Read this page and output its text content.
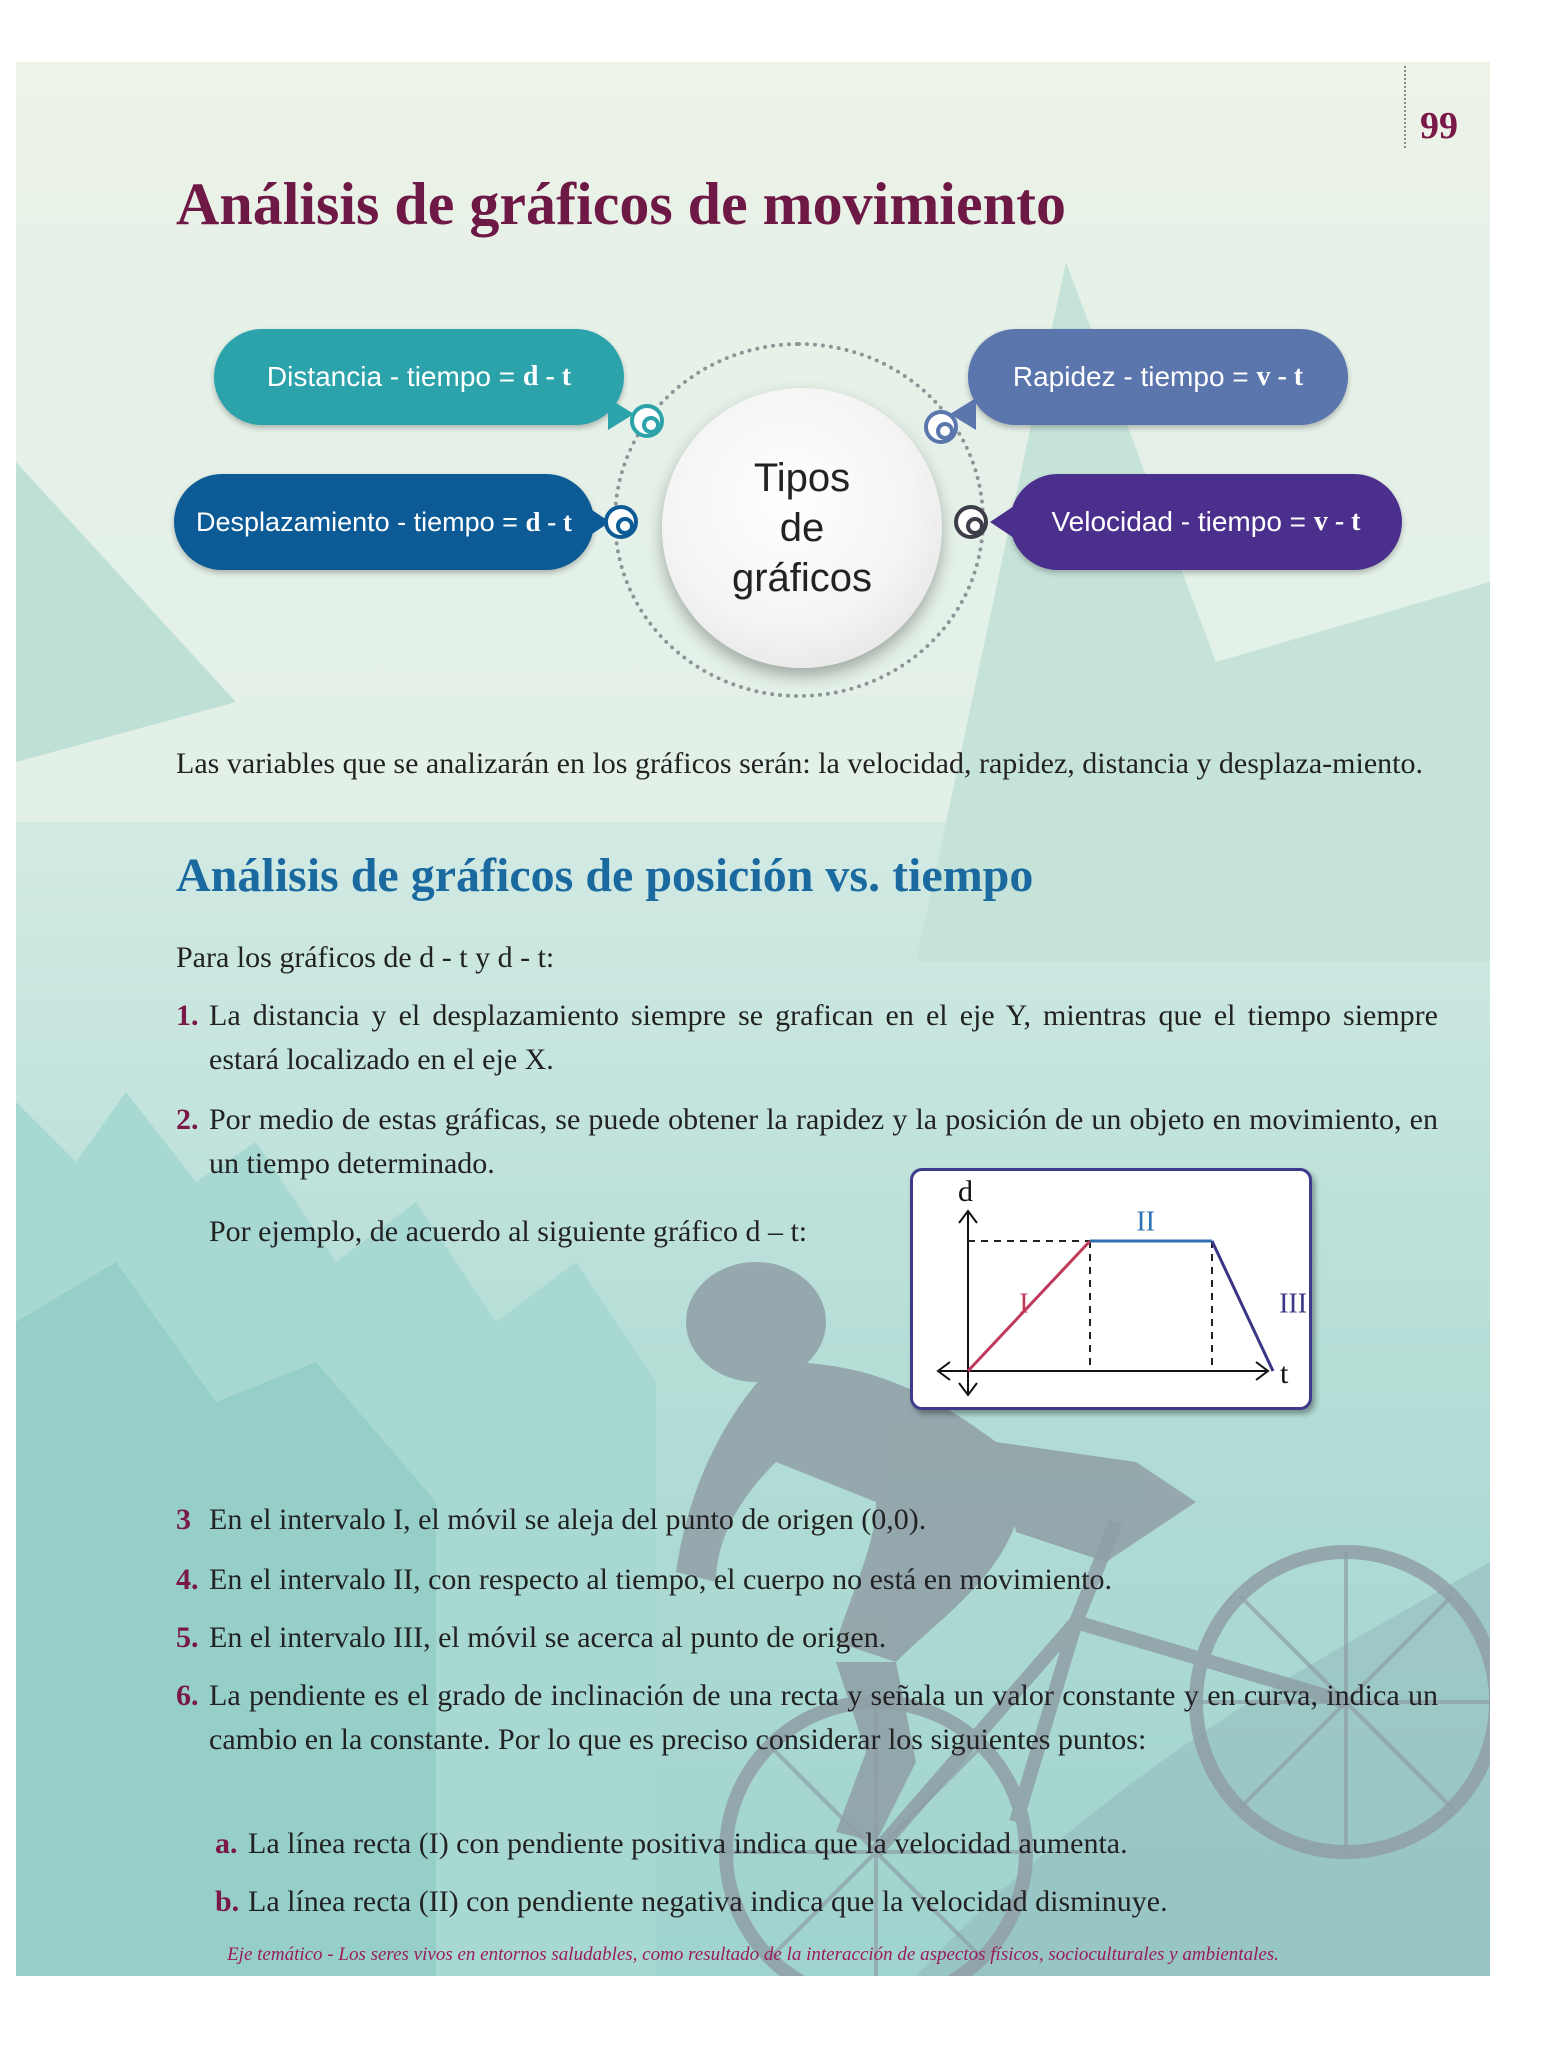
99
Análisis de gráficos de movimiento
Distancia - tiempo =
d - t
Desplazamiento - tiempo =
d - t
Rapidez - tiempo =
v - t
Velocidad - tiempo =
v - t
Tipos
de
gráficos
Las variables que se analizarán en los gráficos serán: la velocidad, rapidez, distancia y desplaza-miento.
Análisis de gráficos de posición vs. tiempo
Para los gráficos de d - t y d - t:
1. La distancia y el desplazamiento siempre se grafican en el eje Y, mientras que el tiempo siempre estará localizado en el eje X.
2. Por medio de estas gráficas, se puede obtener la rapidez y la posición de un objeto en movimiento, en un tiempo determinado.
Por ejemplo, de acuerdo al siguiente gráfico d – t:
d
t
I
II
III
3 En el intervalo I, el móvil se aleja del punto de origen (0,0).
4. En el intervalo II, con respecto al tiempo, el cuerpo no está en movimiento.
5. En el intervalo III, el móvil se acerca al punto de origen.
6. La pendiente es el grado de inclinación de una recta y señala un valor constante y en curva, indica un cambio en la constante. Por lo que es preciso considerar los siguientes puntos:
a. La línea recta (I) con pendiente positiva indica que la velocidad aumenta.
b. La línea recta (II) con pendiente negativa indica que la velocidad disminuye.
Eje temático - Los seres vivos en entornos saludables, como resultado de la interacción de aspectos físicos, socioculturales y ambientales.
